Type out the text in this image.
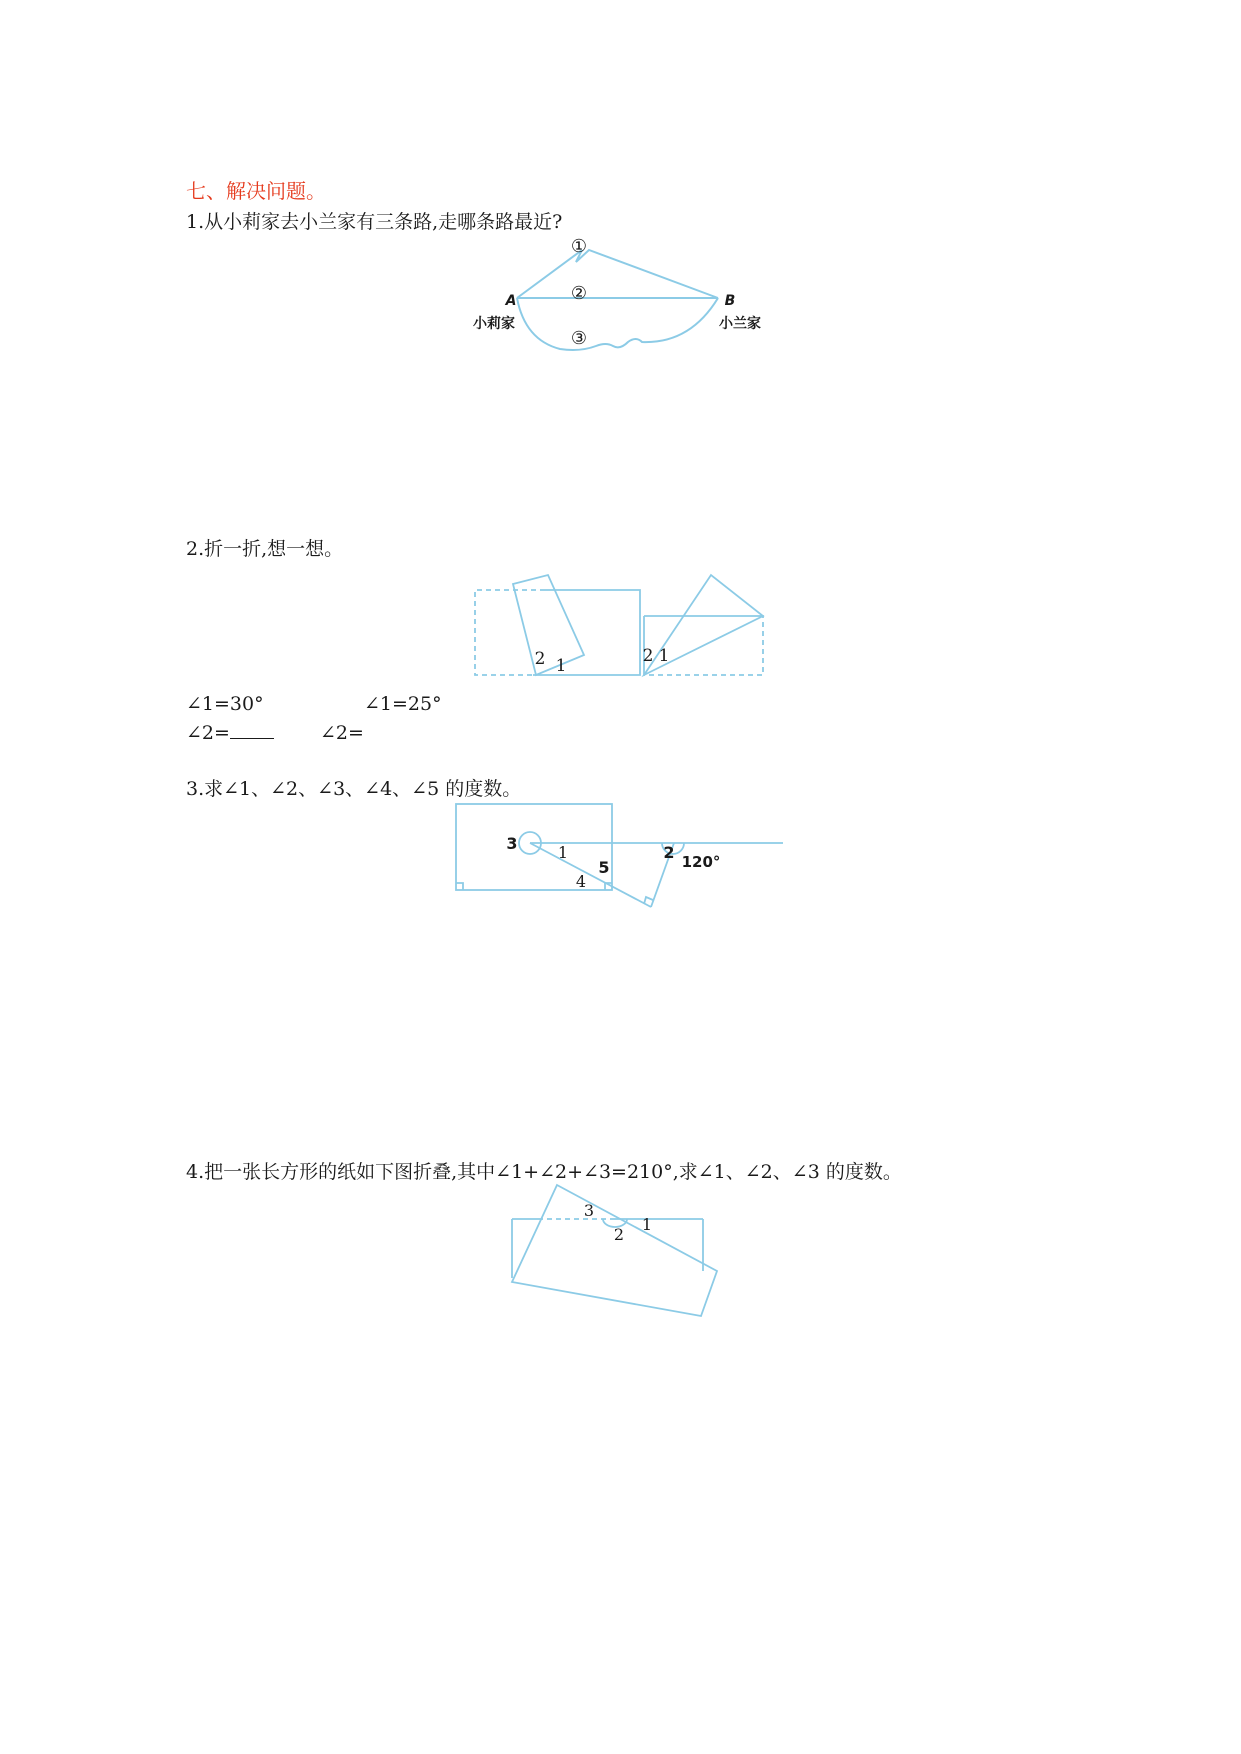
七、解决问题。
1.从小莉家去小兰家有三条路,走哪条路最近?
①
②
③
A	B
小莉家	小兰家
2.折一折,想一想。
2 1	2 1
∠1=30°	∠1=25°
∠2=	∠2=
3.求∠1、∠2、∠3、∠4、∠5 的度数。
3	1
5
4
2 120°
4.把一张长方形的纸如下图折叠,其中∠1+∠2+∠3=210°,求∠1、∠2、∠3 的度数。
3
2
1
